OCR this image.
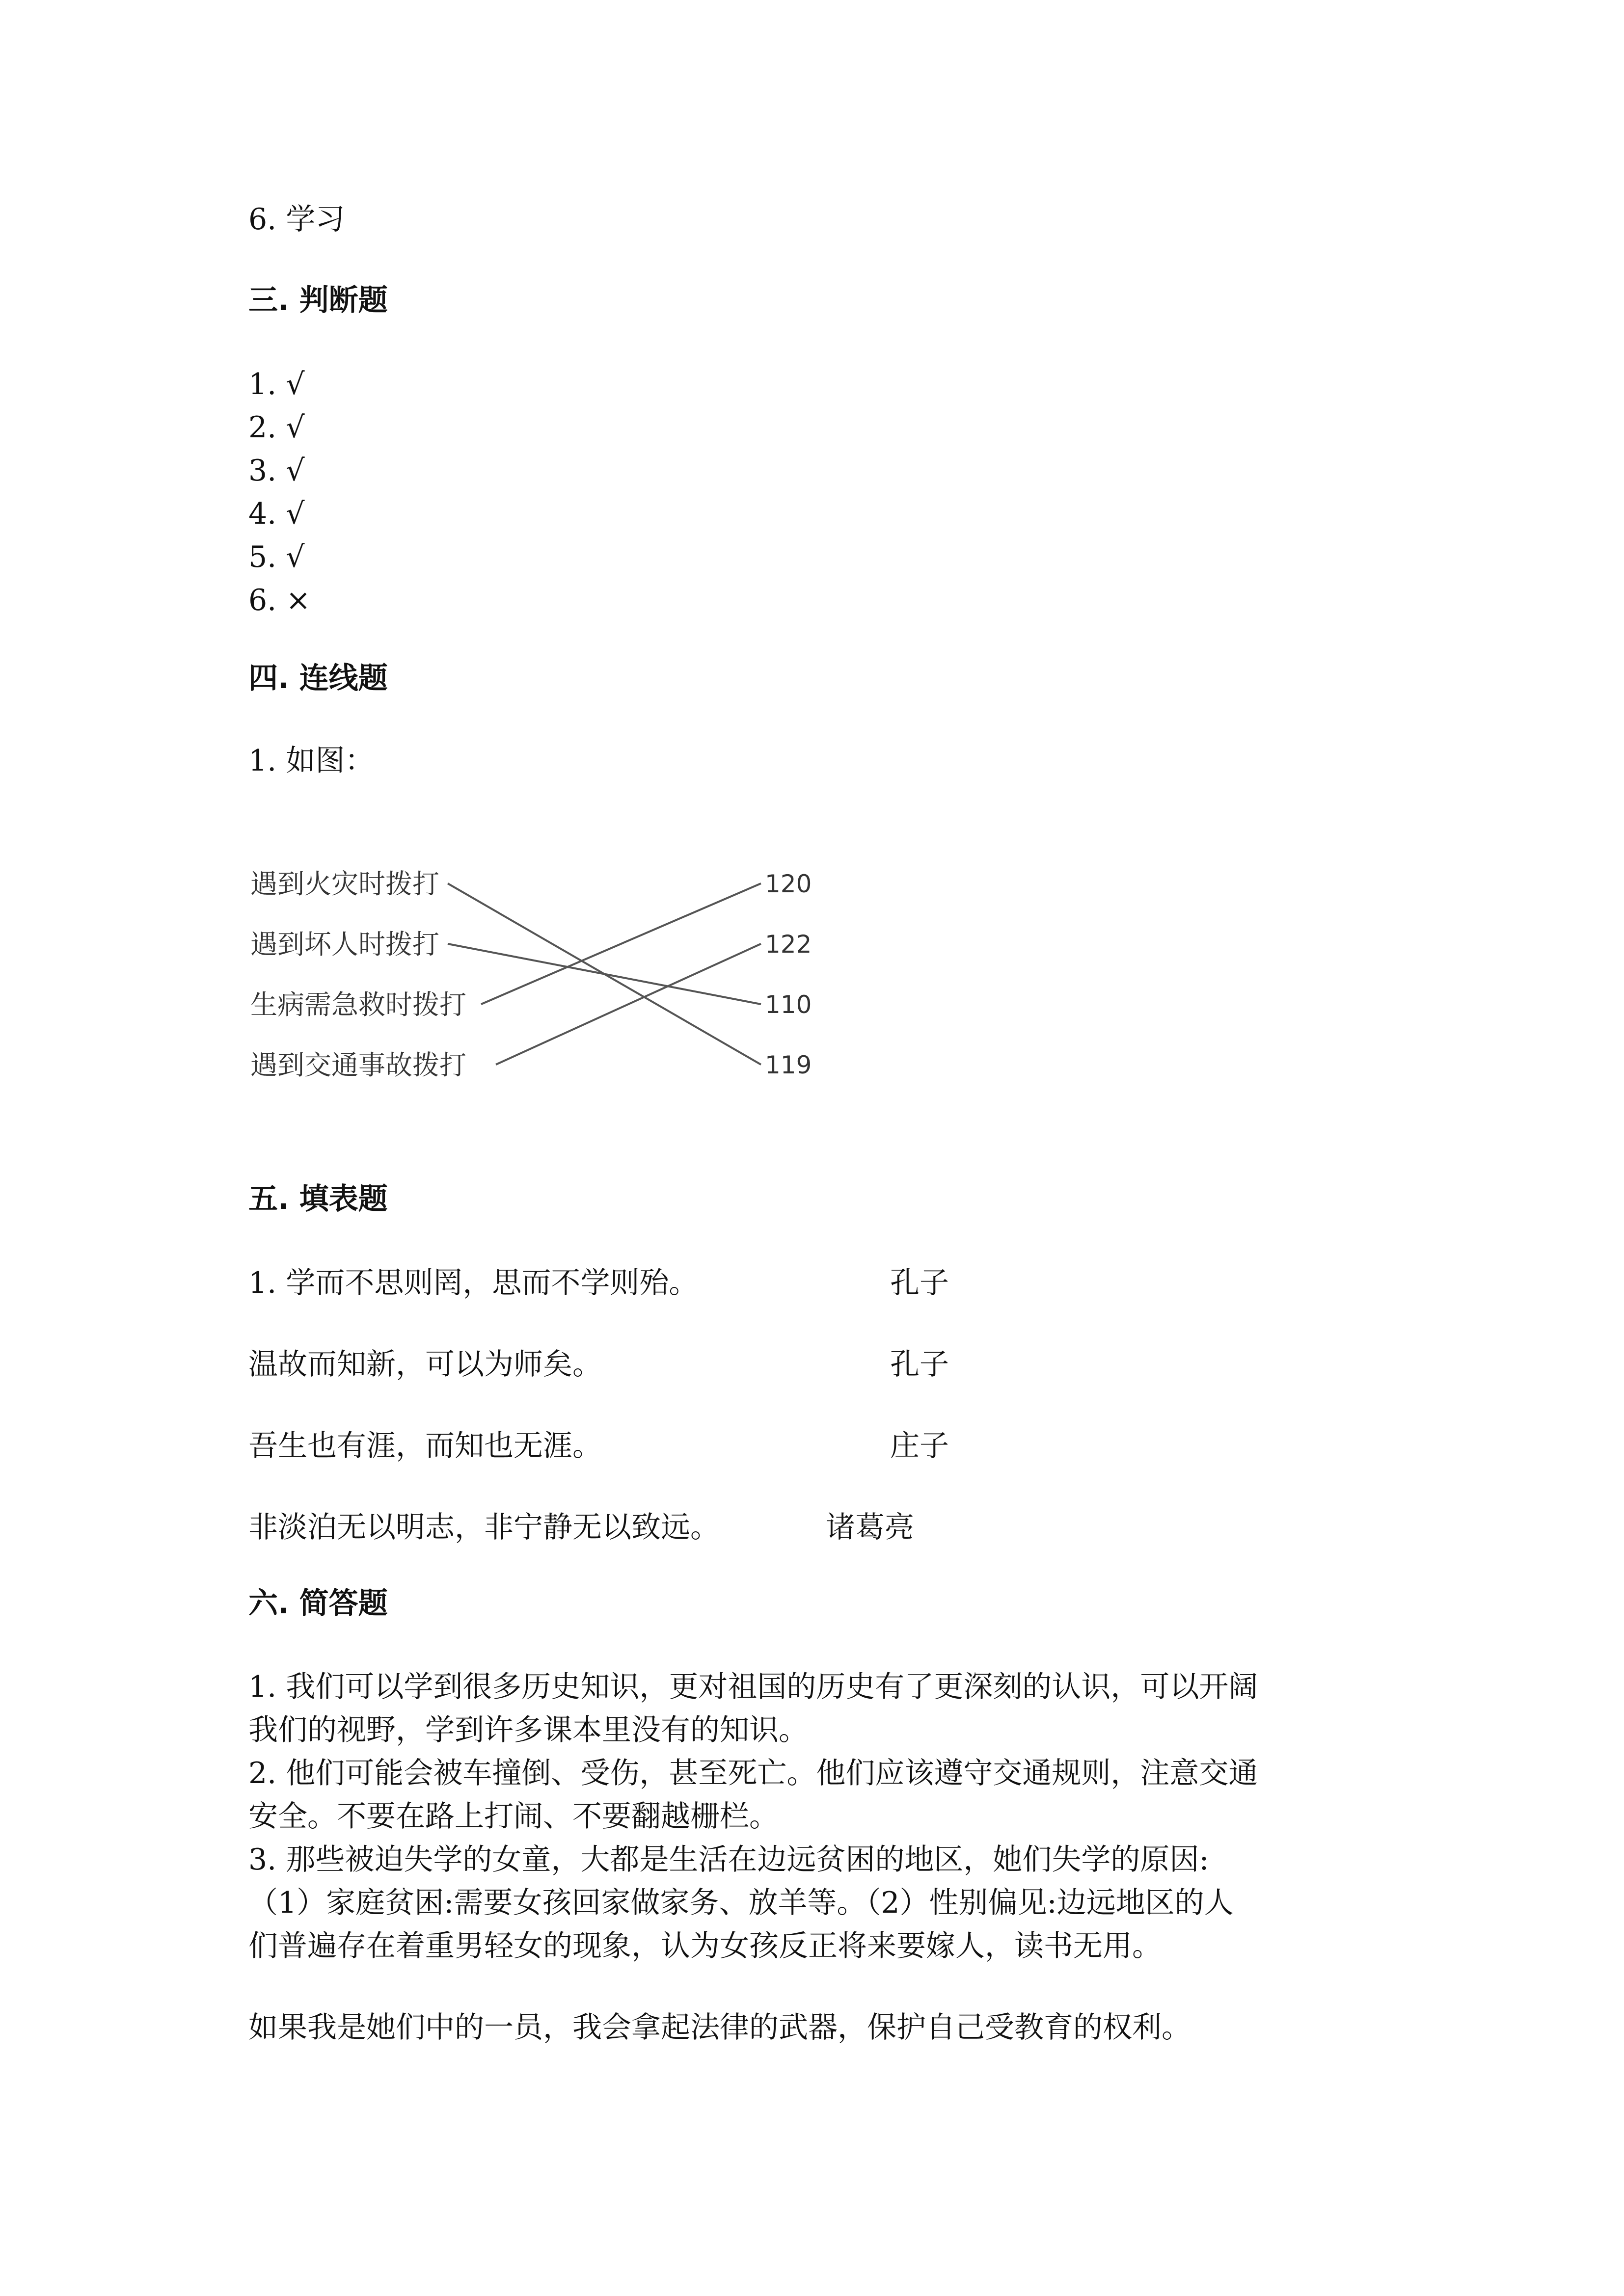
6. 学习
三. 判断题
1. √
2. √
3. √
4. √
5. √
6. ×
四. 连线题
1. 如图：
遇到火灾时拨打
遇到坏人时拨打
生病需急救时拨打
遇到交通事故拨打
120
122
110
119
五. 填表题
1. 学而不思则罔，思而不学则殆。	孔子
温故而知新，可以为师矣。	孔子
吾生也有涯，而知也无涯。	庄子
非淡泊无以明志，非宁静无以致远。	诸葛亮
六. 简答题
1. 我们可以学到很多历史知识，更对祖国的历史有了更深刻的认识，可以开阔
我们的视野，学到许多课本里没有的知识。
2. 他们可能会被车撞倒、受伤，甚至死亡。他们应该遵守交通规则，注意交通
安全。不要在路上打闹、不要翻越栅栏。
3. 那些被迫失学的女童，大都是生活在边远贫困的地区，她们失学的原因:
（1）家庭贫困:需要女孩回家做家务、放羊等。（2）性别偏见:边远地区的人
们普遍存在着重男轻女的现象，认为女孩反正将来要嫁人，读书无用。
如果我是她们中的一员，我会拿起法律的武器，保护自己受教育的权利。
